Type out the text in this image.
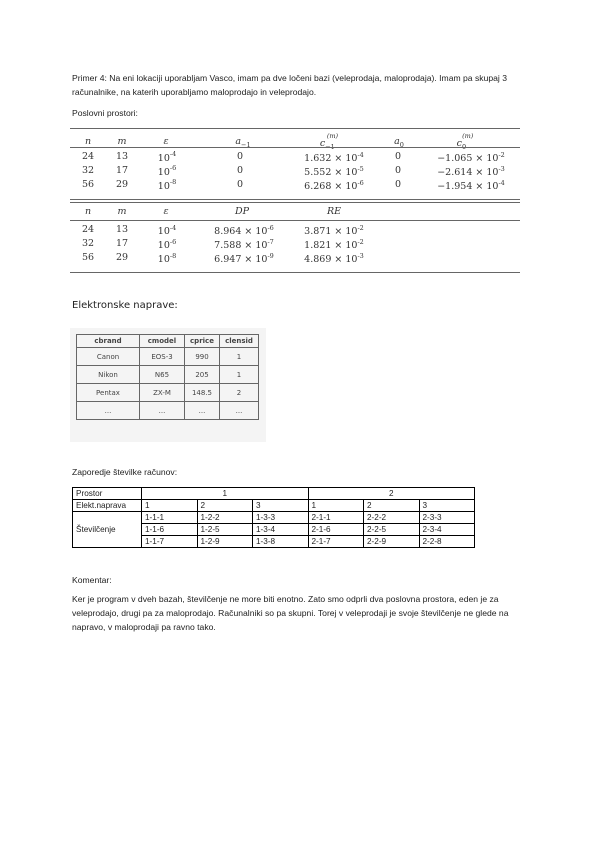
Primer 4: Na eni lokaciji uporabljam Vasco, imam pa dve ločeni bazi (veleprodaja, maloprodaja). Imam pa skupaj 3 računalnike, na katerih uporabljamo maloprodajo in veleprodajo.
Poslovni prostori:
n	m	ε	$a_{-1}$	$c_{-1}^{(m)}$	$a_0$	$c_0^{(m)}$
24	13	$10^{-4}$	0	$1.632 \times 10^{-4}$	0	$-1.065 \times 10^{-2}$
32	17	$10^{-6}$	0	$5.552 \times 10^{-5}$	0	$-2.614 \times 10^{-3}$
56	29	$10^{-8}$	0	$6.268 \times 10^{-6}$	0	$-1.954 \times 10^{-4}$
n	m	ε	DP	RE
24	13	$10^{-4}$	$8.964 \times 10^{-6}$	$3.871 \times 10^{-2}$
32	17	$10^{-6}$	$7.588 \times 10^{-7}$	$1.821 \times 10^{-2}$
56	29	$10^{-8}$	$6.947 \times 10^{-9}$	$4.869 \times 10^{-3}$
Elektronske naprave:
cbrand	cmodel	cprice	clensid
Canon	EOS-3	990	1
Nikon	N65	205	1
Pentax	ZX-M	148.5	2
...	...	...	...
Zaporedje številke računov:
Prostor	1			2		
Elekt.naprava	1	2	3	1	2	3
Številčenje	1-1-1	1-2-2	1-3-3	2-1-1	2-2-2	2-3-3
	1-1-6	1-2-5	1-3-4	2-1-6	2-2-5	2-3-4
	1-1-7	1-2-9	1-3-8	2-1-7	2-2-9	2-2-8
Komentar:
Ker je program v dveh bazah, številčenje ne more biti enotno. Zato smo odprli dva poslovna prostora, eden je za veleprodajo, drugi pa za maloprodajo. Računalniki so pa skupni. Torej v veleprodaji je svoje številčenje ne glede na napravo, v maloprodaji pa ravno tako.
